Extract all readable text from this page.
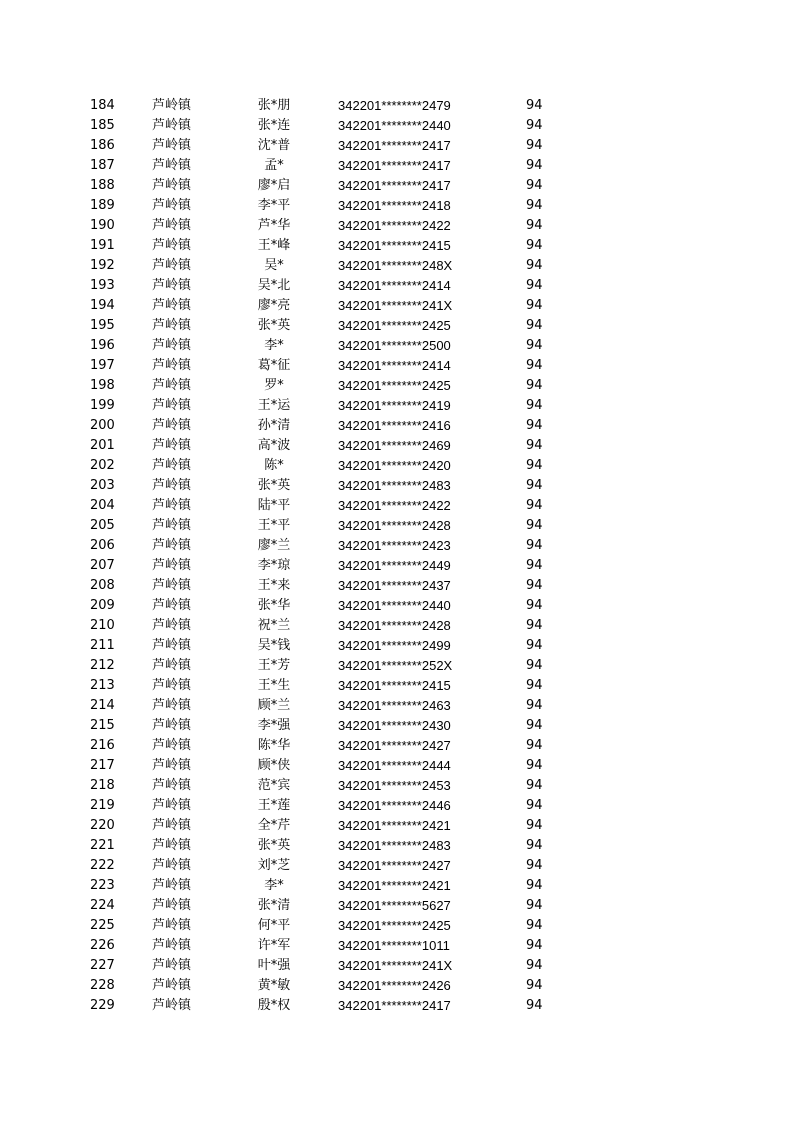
184	芦岭镇	张*朋	342201********2479	94
185	芦岭镇	张*连	342201********2440	94
186	芦岭镇	沈*普	342201********2417	94
187	芦岭镇	孟*	342201********2417	94
188	芦岭镇	廖*启	342201********2417	94
189	芦岭镇	李*平	342201********2418	94
190	芦岭镇	芦*华	342201********2422	94
191	芦岭镇	王*峰	342201********2415	94
192	芦岭镇	吴*	342201********248X	94
193	芦岭镇	吴*北	342201********2414	94
194	芦岭镇	廖*亮	342201********241X	94
195	芦岭镇	张*英	342201********2425	94
196	芦岭镇	李*	342201********2500	94
197	芦岭镇	葛*征	342201********2414	94
198	芦岭镇	罗*	342201********2425	94
199	芦岭镇	王*运	342201********2419	94
200	芦岭镇	孙*清	342201********2416	94
201	芦岭镇	高*波	342201********2469	94
202	芦岭镇	陈*	342201********2420	94
203	芦岭镇	张*英	342201********2483	94
204	芦岭镇	陆*平	342201********2422	94
205	芦岭镇	王*平	342201********2428	94
206	芦岭镇	廖*兰	342201********2423	94
207	芦岭镇	李*琼	342201********2449	94
208	芦岭镇	王*来	342201********2437	94
209	芦岭镇	张*华	342201********2440	94
210	芦岭镇	祝*兰	342201********2428	94
211	芦岭镇	吴*钱	342201********2499	94
212	芦岭镇	王*芳	342201********252X	94
213	芦岭镇	王*生	342201********2415	94
214	芦岭镇	顾*兰	342201********2463	94
215	芦岭镇	李*强	342201********2430	94
216	芦岭镇	陈*华	342201********2427	94
217	芦岭镇	顾*侠	342201********2444	94
218	芦岭镇	范*宾	342201********2453	94
219	芦岭镇	王*莲	342201********2446	94
220	芦岭镇	全*芹	342201********2421	94
221	芦岭镇	张*英	342201********2483	94
222	芦岭镇	刘*芝	342201********2427	94
223	芦岭镇	李*	342201********2421	94
224	芦岭镇	张*清	342201********5627	94
225	芦岭镇	何*平	342201********2425	94
226	芦岭镇	许*军	342201********1011	94
227	芦岭镇	叶*强	342201********241X	94
228	芦岭镇	黄*敏	342201********2426	94
229	芦岭镇	殷*权	342201********2417	94
